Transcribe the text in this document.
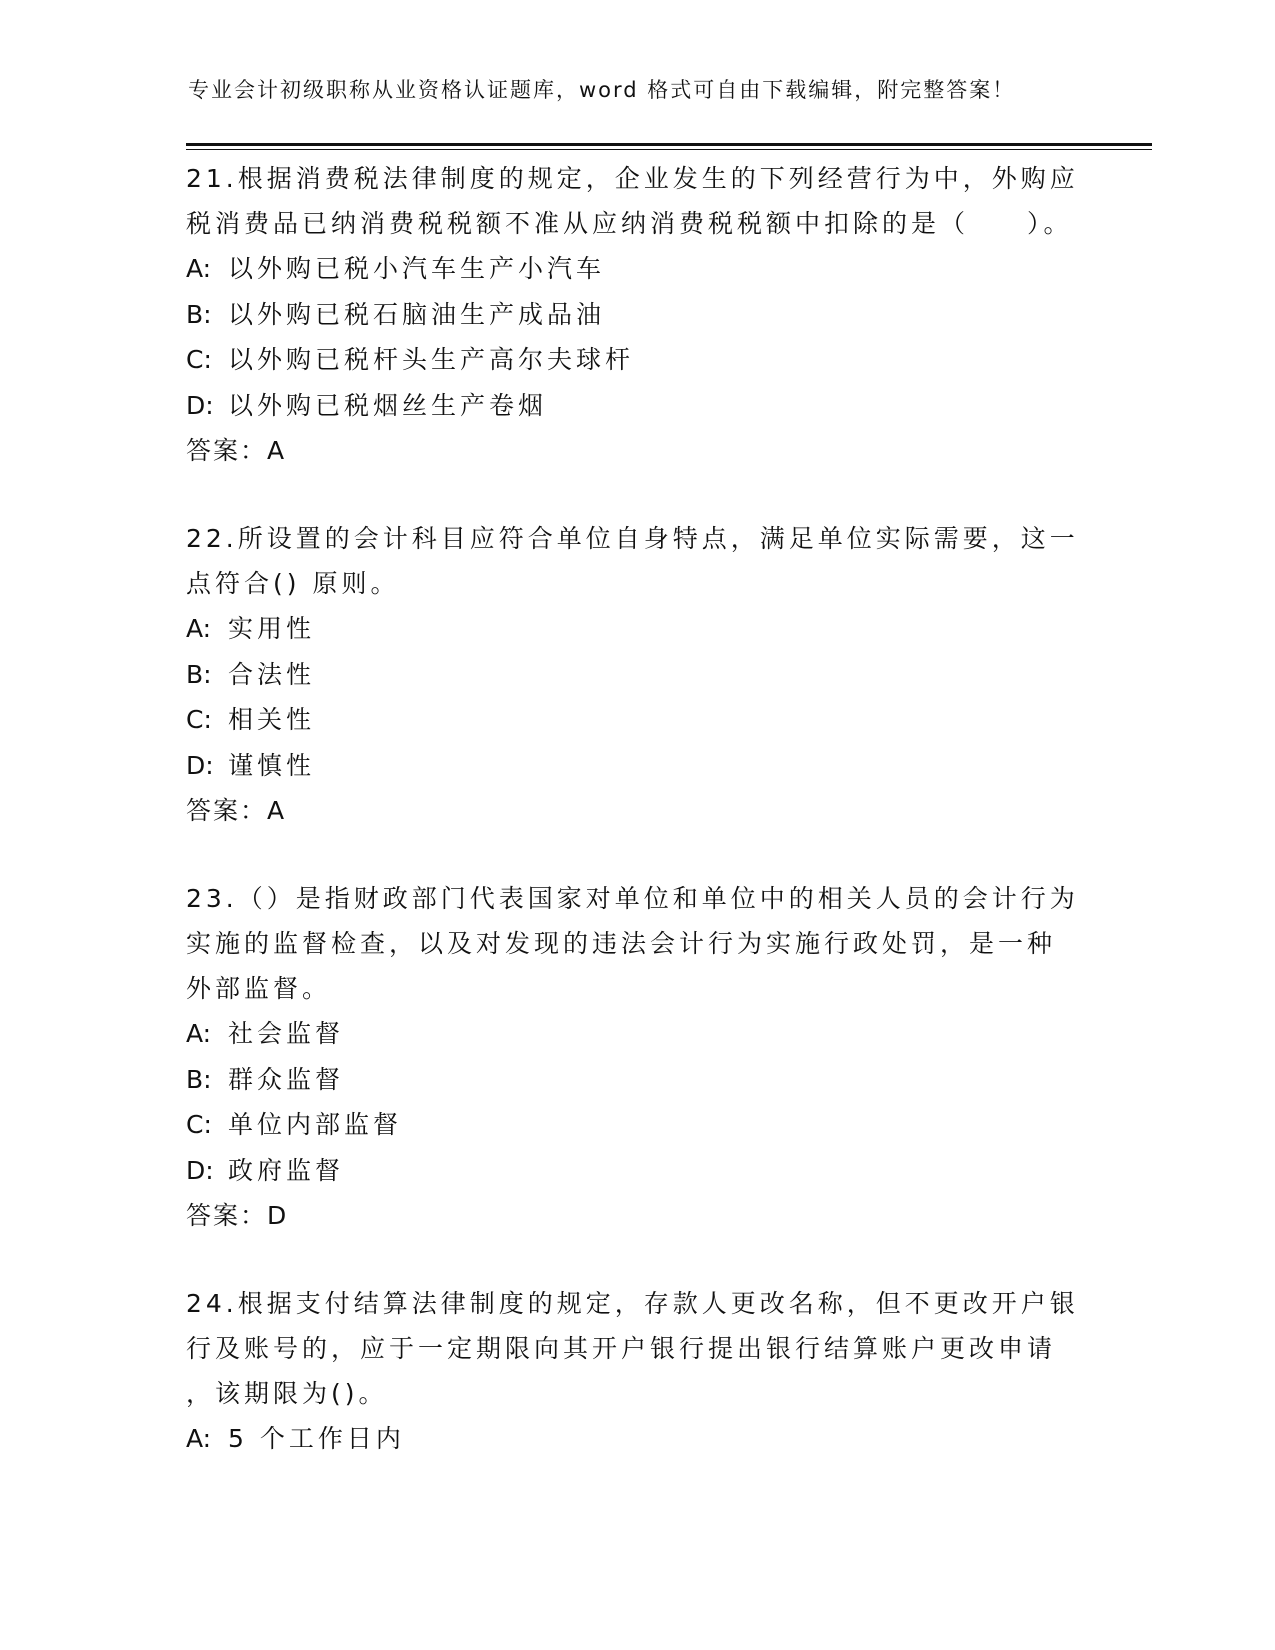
专业会计初级职称从业资格认证题库，word 格式可自由下载编辑，附完整答案！

21.根据消费税法律制度的规定，企业发生的下列经营行为中，外购应
税消费品已纳消费税税额不准从应纳消费税税额中扣除的是（　　）。

A: 以外购已税小汽车生产小汽车

B: 以外购已税石脑油生产成品油

C: 以外购已税杆头生产高尔夫球杆

D: 以外购已税烟丝生产卷烟

答案：A

22.所设置的会计科目应符合单位自身特点，满足单位实际需要，这一
点符合() 原则。

A: 实用性

B: 合法性

C: 相关性

D: 谨慎性

答案：A

23.（）是指财政部门代表国家对单位和单位中的相关人员的会计行为
实施的监督检查，以及对发现的违法会计行为实施行政处罚，是一种
外部监督。

A: 社会监督

B: 群众监督

C: 单位内部监督

D: 政府监督

答案：D

24.根据支付结算法律制度的规定，存款人更改名称，但不更改开户银
行及账号的，应于一定期限向其开户银行提出银行结算账户更改申请
，该期限为()。

A: 5 个工作日内
